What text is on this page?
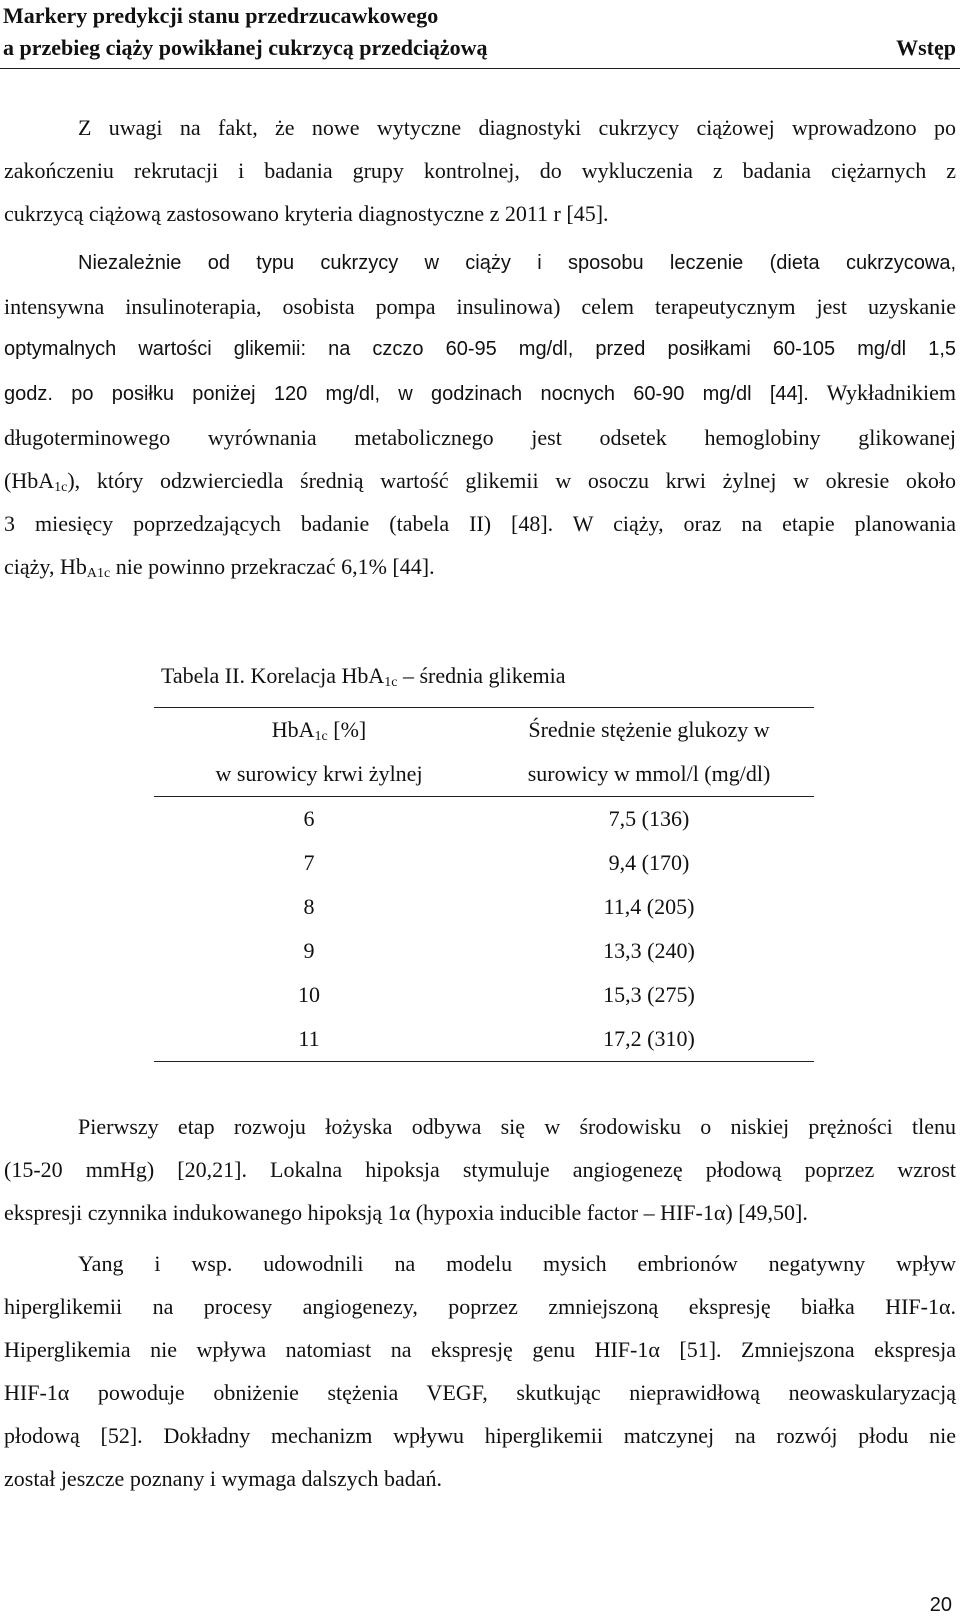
Markery predykcji stanu przedrzucawkowego
a przebieg ciąży powikłanej cukrzycą przedciążową	Wstęp
Z uwagi na fakt, że nowe wytyczne diagnostyki cukrzycy ciążowej wprowadzono po
zakończeniu rekrutacji i badania grupy kontrolnej, do wykluczenia z badania ciężarnych z
cukrzycą ciążową zastosowano kryteria diagnostyczne z 2011 r [45].
Niezależnie od typu cukrzycy w ciąży i sposobu leczenie (dieta cukrzycowa,
intensywna insulinoterapia, osobista pompa insulinowa) celem terapeutycznym jest uzyskanie
optymalnych wartości glikemii: na czczo 60-95 mg/dl, przed posiłkami 60-105 mg/dl 1,5
godz. po posiłku poniżej 120 mg/dl, w godzinach nocnych 60-90 mg/dl [44]. Wykładnikiem
długoterminowego wyrównania metabolicznego jest odsetek hemoglobiny glikowanej
(HbA$_{1c}$), który odzwierciedla średnią wartość glikemii w osoczu krwi żylnej w okresie około
3 miesięcy poprzedzających badanie (tabela II) [48]. W ciąży, oraz na etapie planowania
ciąży, $Hb_{A1c}$ nie powinno przekraczać 6,1% [44].
Tabela II. Korelacja HbA$_{1c}$ – średnia glikemia
HbA$_{1c}$ [%]	Średnie stężenie glukozy w
w surowicy krwi żylnej	surowicy w mmol/l (mg/dl)
6	7,5 (136)
7	9,4 (170)
8	11,4 (205)
9	13,3 (240)
10	15,3 (275)
11	17,2 (310)
Pierwszy etap rozwoju łożyska odbywa się w środowisku o niskiej prężności tlenu
(15-20 mmHg) [20,21]. Lokalna hipoksja stymuluje angiogenezę płodową poprzez wzrost
ekspresji czynnika indukowanego hipoksją 1α (hypoxia inducible factor – HIF-1α) [49,50].
Yang i wsp. udowodnili na modelu mysich embrionów negatywny wpływ
hiperglikemii na procesy angiogenezy, poprzez zmniejszoną ekspresję białka HIF-1α.
Hiperglikemia nie wpływa natomiast na ekspresję genu HIF-1α [51]. Zmniejszona ekspresja
HIF-1α powoduje obniżenie stężenia VEGF, skutkując nieprawidłową neowaskularyzacją
płodową [52]. Dokładny mechanizm wpływu hiperglikemii matczynej na rozwój płodu nie
został jeszcze poznany i wymaga dalszych badań.
20
